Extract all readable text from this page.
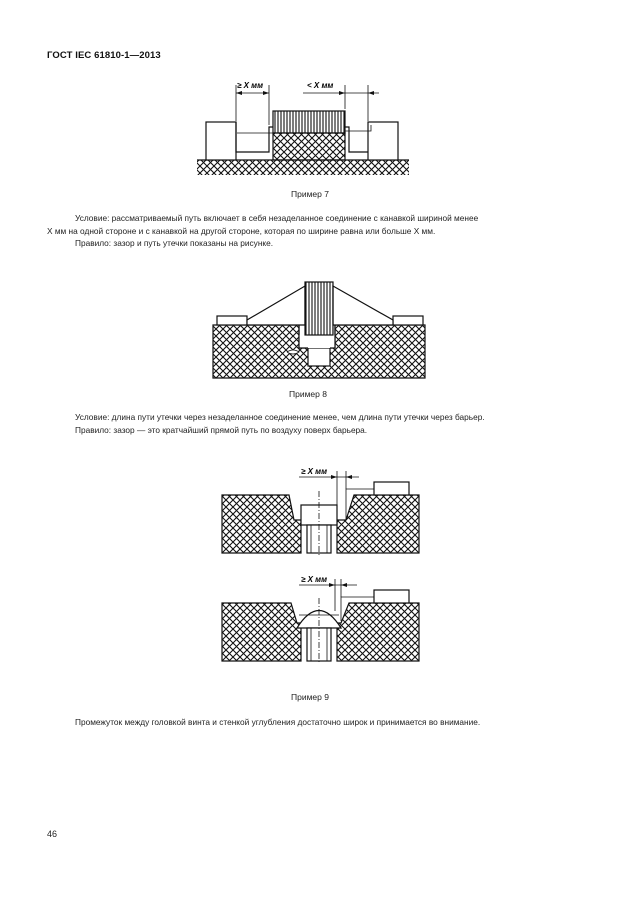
ГОСТ IEC 61810-1—2013
≥ X мм	< X мм
Пример 7

Условие: рассматриваемый путь включает в себя незаделанное соединение с канавкой шириной менее

X мм на одной стороне и с канавкой на другой стороне, которая по ширине равна или больше X мм.

Правило: зазор и путь утечки показаны на рисунке.

Пример 8

Условие: длина пути утечки через незаделанное соединение менее, чем длина пути утечки через барьер.

Правило: зазор — это кратчайший прямой путь по воздуху поверх барьера.

≥ X мм
≥ X мм
Пример 9

Промежуток между головкой винта и стенкой углубления достаточно широк и принимается во внимание.

46
